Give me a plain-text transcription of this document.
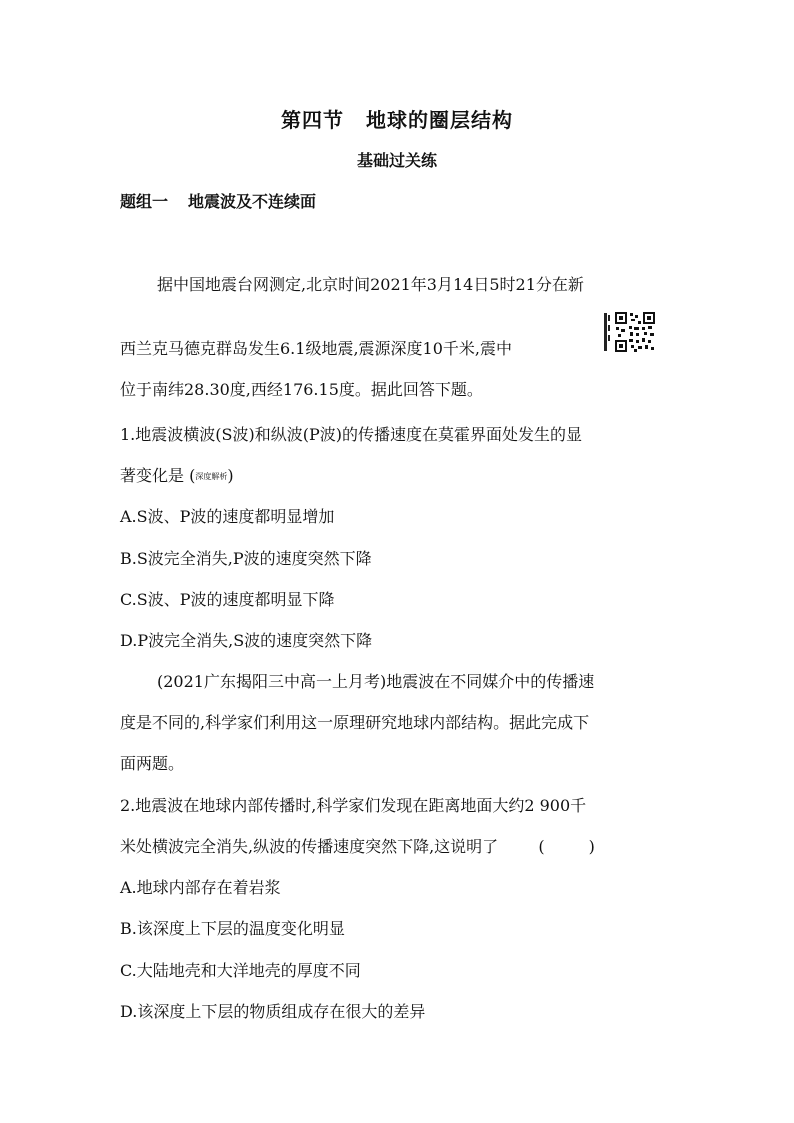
第四节 地球的圈层结构
基础过关练
题组一 地震波及不连续面
据中国地震台网测定,北京时间2021年3月14日5时21分在新
西兰克马德克群岛发生6.1级地震,震源深度10千米,震中
位于南纬28.30度,西经176.15度。据此回答下题。
1.地震波横波(S波)和纵波(P波)的传播速度在莫霍界面处发生的显
著变化是 (深度解析)
A.S波、P波的速度都明显增加
B.S波完全消失,P波的速度突然下降
C.S波、P波的速度都明显下降
D.P波完全消失,S波的速度突然下降
(2021广东揭阳三中高一上月考)地震波在不同媒介中的传播速
度是不同的,科学家们利用这一原理研究地球内部结构。据此完成下
面两题。
2.地震波在地球内部传播时,科学家们发现在距离地面大约2 900千
米处横波完全消失,纵波的传播速度突然下降,这说明了	(	)
A.地球内部存在着岩浆
B.该深度上下层的温度变化明显
C.大陆地壳和大洋地壳的厚度不同
D.该深度上下层的物质组成存在很大的差异
